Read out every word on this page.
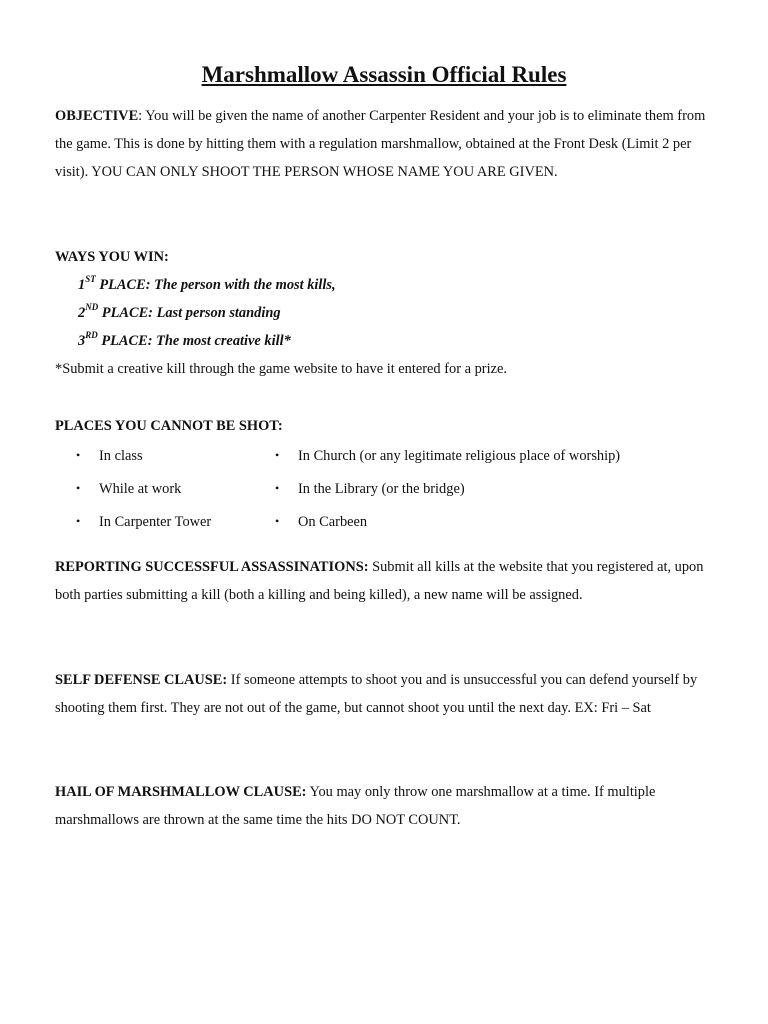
Marshmallow Assassin Official Rules
OBJECTIVE: You will be given the name of another Carpenter Resident and your job is to eliminate them from the game. This is done by hitting them with a regulation marshmallow, obtained at the Front Desk (Limit 2 per visit). YOU CAN ONLY SHOOT THE PERSON WHOSE NAME YOU ARE GIVEN.
WAYS YOU WIN:
1ST PLACE: The person with the most kills,
2ND PLACE: Last person standing
3RD PLACE: The most creative kill*
*Submit a creative kill through the game website to have it entered for a prize.
PLACES YOU CANNOT BE SHOT:
• In class
• While at work
• In Carpenter Tower
• In Church (or any legitimate religious place of worship)
• In the Library (or the bridge)
• On Carbeen
REPORTING SUCCESSFUL ASSASSINATIONS: Submit all kills at the website that you registered at, upon both parties submitting a kill (both a killing and being killed), a new name will be assigned.
SELF DEFENSE CLAUSE: If someone attempts to shoot you and is unsuccessful you can defend yourself by shooting them first. They are not out of the game, but cannot shoot you until the next day. EX: Fri – Sat
HAIL OF MARSHMALLOW CLAUSE: You may only throw one marshmallow at a time. If multiple marshmallows are thrown at the same time the hits DO NOT COUNT.
